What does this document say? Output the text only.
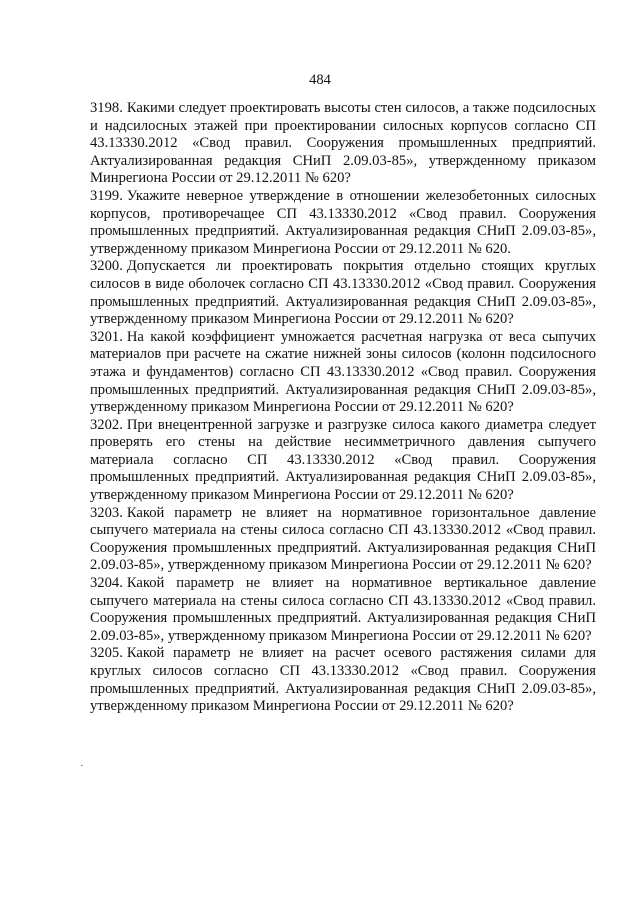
484

3198. Какими следует проектировать высоты стен силосов, а также подсилосных и надсилосных этажей при проектировании силосных корпусов согласно СП 43.13330.2012 «Свод правил. Сооружения промышленных предприятий. Актуализированная редакция СНиП 2.09.03-85», утвержденному приказом Минрегиона России от 29.12.2011 № 620?

3199. Укажите неверное утверждение в отношении железобетонных силосных корпусов, противоречащее СП 43.13330.2012 «Свод правил. Сооружения промышленных предприятий. Актуализированная редакция СНиП 2.09.03-85», утвержденному приказом Минрегиона России от 29.12.2011 № 620.

3200. Допускается ли проектировать покрытия отдельно стоящих круглых силосов в виде оболочек согласно СП 43.13330.2012 «Свод правил. Сооружения промышленных предприятий. Актуализированная редакция СНиП 2.09.03-85», утвержденному приказом Минрегиона России от 29.12.2011 № 620?

3201. На какой коэффициент умножается расчетная нагрузка от веса сыпучих материалов при расчете на сжатие нижней зоны силосов (колонн подсилосного этажа и фундаментов) согласно СП 43.13330.2012 «Свод правил. Сооружения промышленных предприятий. Актуализированная редакция СНиП 2.09.03-85», утвержденному приказом Минрегиона России от 29.12.2011 № 620?

3202. При внецентренной загрузке и разгрузке силоса какого диаметра следует проверять его стены на действие несимметричного давления сыпучего материала согласно СП 43.13330.2012 «Свод правил. Сооружения промышленных предприятий. Актуализированная редакция СНиП 2.09.03-85», утвержденному приказом Минрегиона России от 29.12.2011 № 620?

3203. Какой параметр не влияет на нормативное горизонтальное давление сыпучего материала на стены силоса согласно СП 43.13330.2012 «Свод правил. Сооружения промышленных предприятий. Актуализированная редакция СНиП 2.09.03-85», утвержденному приказом Минрегиона России от 29.12.2011 № 620?

3204. Какой параметр не влияет на нормативное вертикальное давление сыпучего материала на стены силоса согласно СП 43.13330.2012 «Свод правил. Сооружения промышленных предприятий. Актуализированная редакция СНиП 2.09.03-85», утвержденному приказом Минрегиона России от 29.12.2011 № 620?

3205. Какой параметр не влияет на расчет осевого растяжения силами для круглых силосов согласно СП 43.13330.2012 «Свод правил. Сооружения промышленных предприятий. Актуализированная редакция СНиП 2.09.03-85», утвержденному приказом Минрегиона России от 29.12.2011 № 620?

·
